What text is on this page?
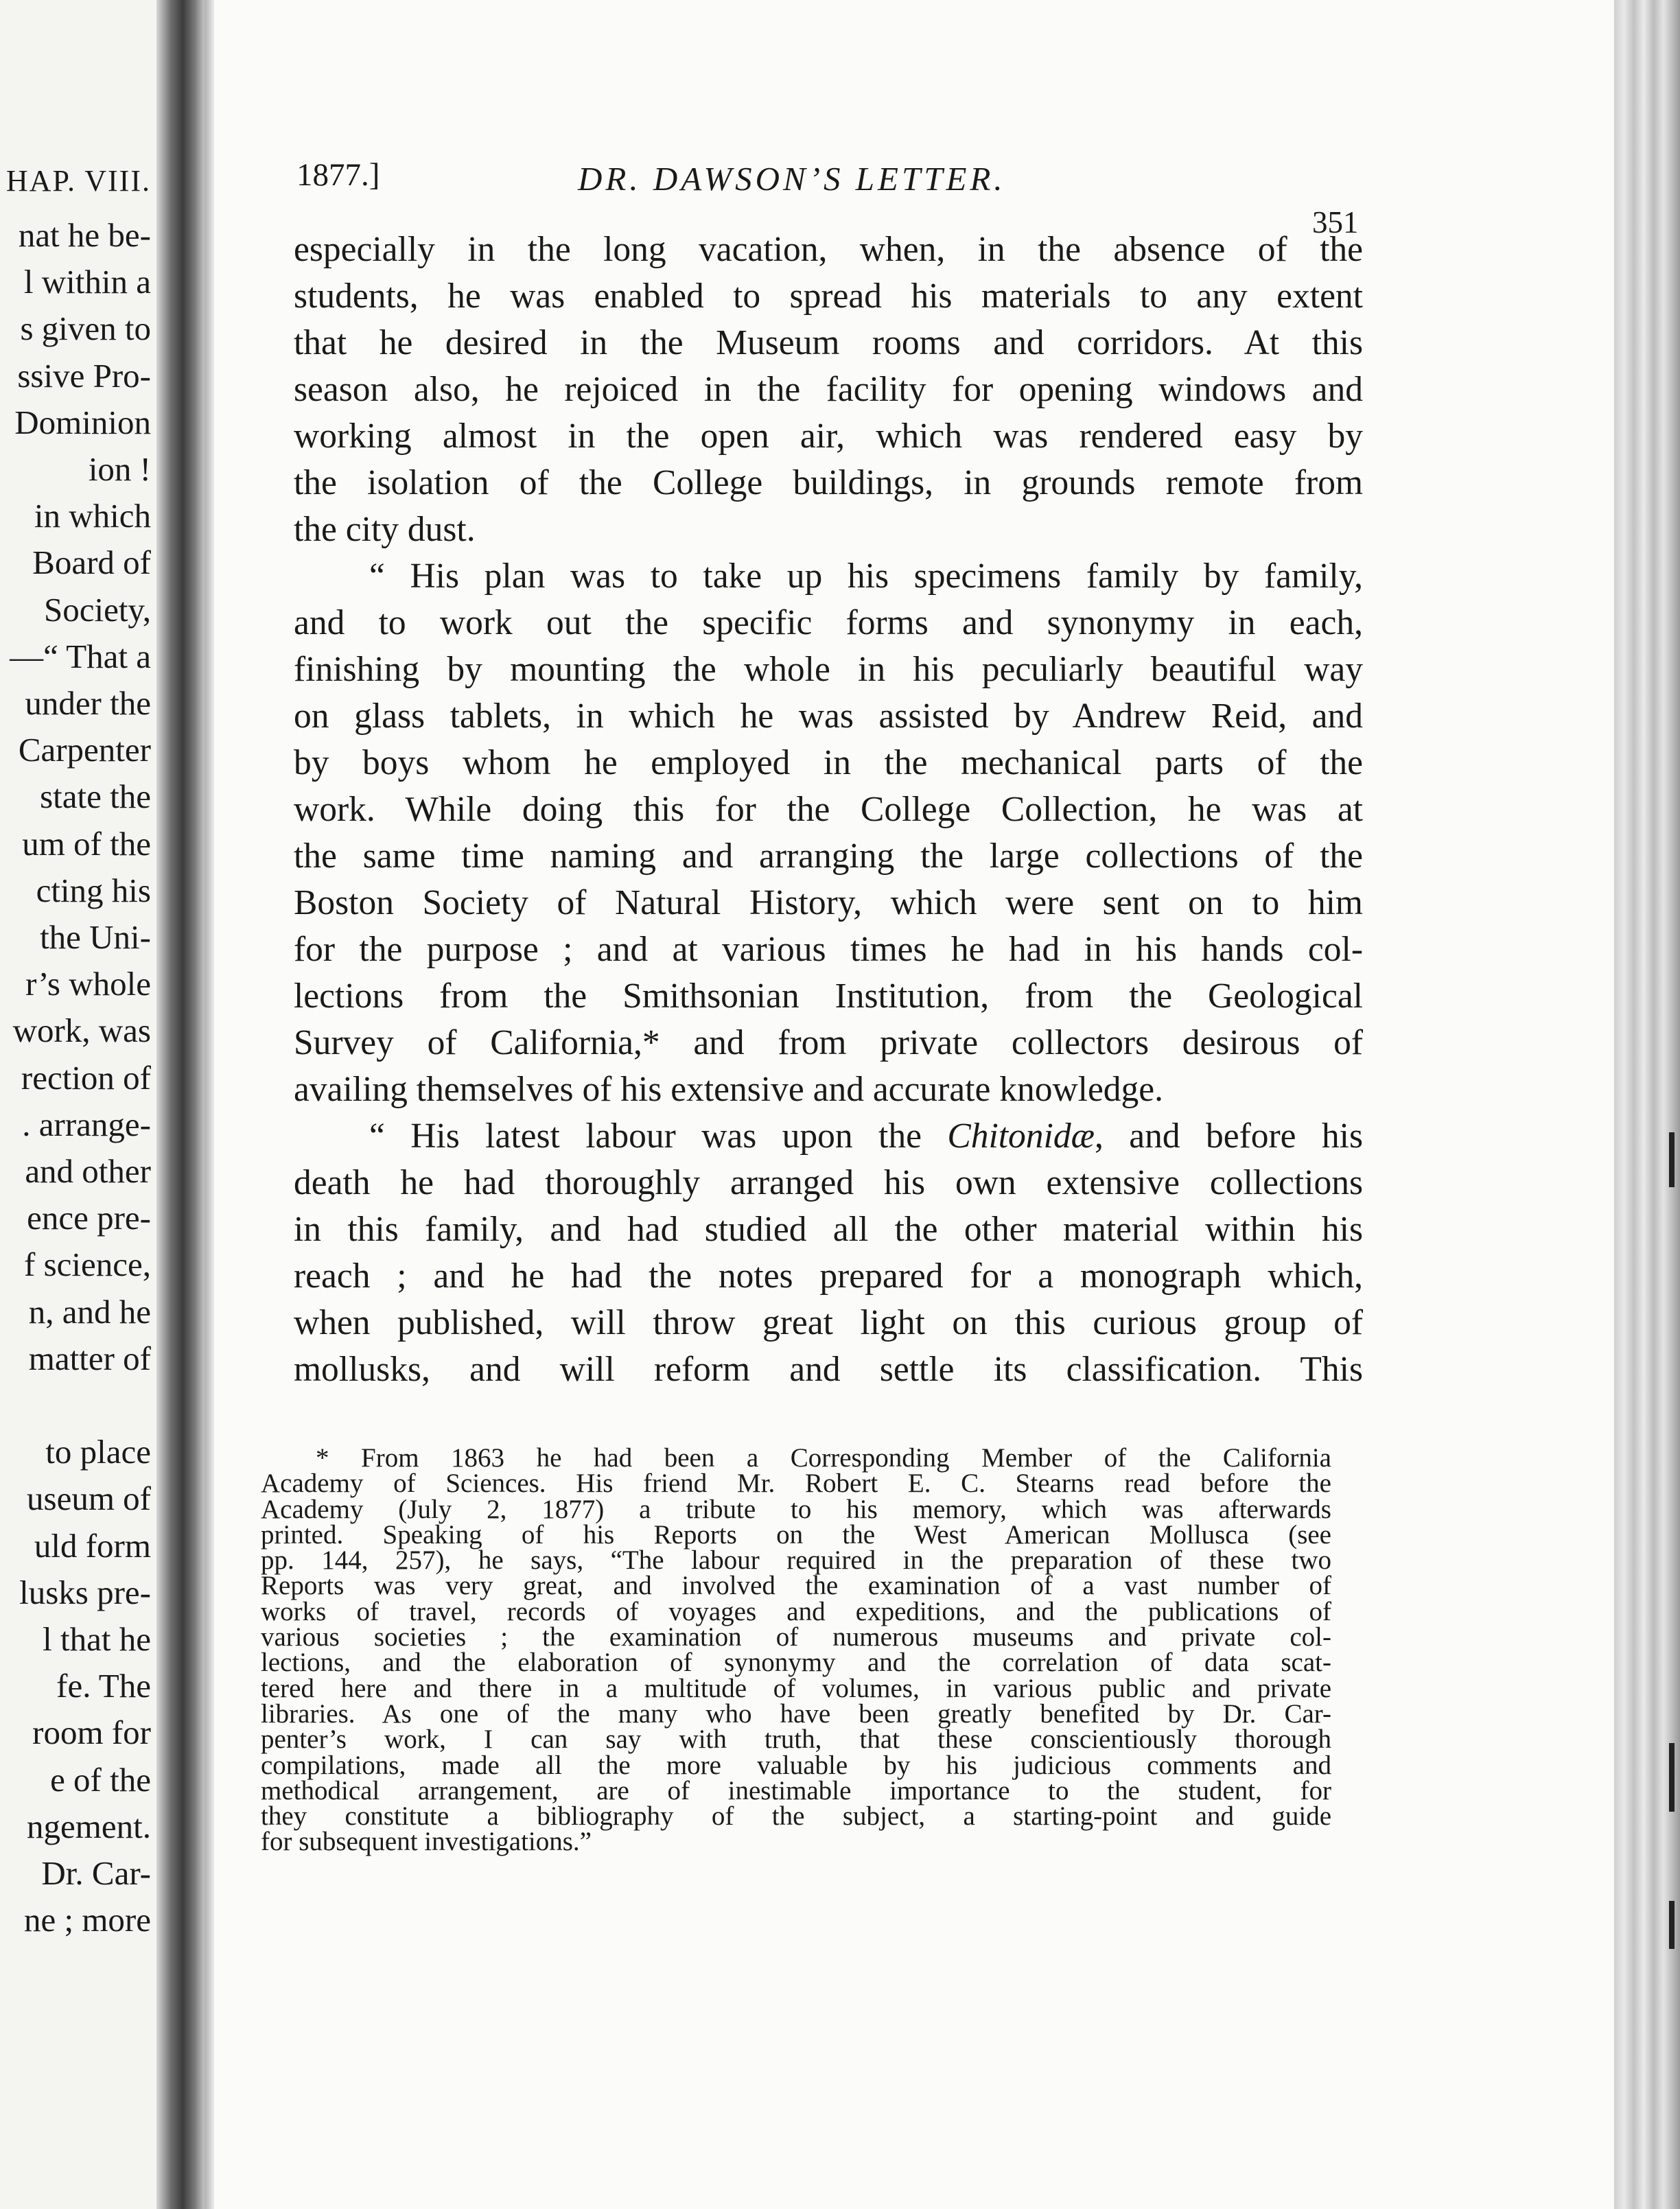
HAP. VIII.
nat he be-
l within a
s given to
ssive Pro-
Dominion
ion !
in which
Board of
Society,
—“ That a
under the
Carpenter
state the
um of the
cting his
the Uni-
r’s whole
work, was
rection of
. arrange-
and other
ence pre-
f science,
n, and he
matter of
to place
useum of
uld form
lusks pre-
l that he
fe. The
room for
e of the
ngement.
Dr. Car-
ne ; more
1877.]	DR. DAWSON’S LETTER.
351
especially in the long vacation, when, in the absence of the
students, he was enabled to spread his materials to any extent
that he desired in the Museum rooms and corridors. At this
season also, he rejoiced in the facility for opening windows and
working almost in the open air, which was rendered easy by
the isolation of the College buildings, in grounds remote from
the city dust.
“ His plan was to take up his specimens family by family,
and to work out the specific forms and synonymy in each,
finishing by mounting the whole in his peculiarly beautiful way
on glass tablets, in which he was assisted by Andrew Reid, and
by boys whom he employed in the mechanical parts of the
work. While doing this for the College Collection, he was at
the same time naming and arranging the large collections of the
Boston Society of Natural History, which were sent on to him
for the purpose ; and at various times he had in his hands col-
lections from the Smithsonian Institution, from the Geological
Survey of California,* and from private collectors desirous of
availing themselves of his extensive and accurate knowledge.
“ His latest labour was upon the Chitonidæ, and before his
death he had thoroughly arranged his own extensive collections
in this family, and had studied all the other material within his
reach ; and he had the notes prepared for a monograph which,
when published, will throw great light on this curious group of
mollusks, and will reform and settle its classification. This
* From 1863 he had been a Corresponding Member of the California
Academy of Sciences. His friend Mr. Robert E. C. Stearns read before the
Academy (July 2, 1877) a tribute to his memory, which was afterwards
printed. Speaking of his Reports on the West American Mollusca (see
pp. 144, 257), he says, “The labour required in the preparation of these two
Reports was very great, and involved the examination of a vast number of
works of travel, records of voyages and expeditions, and the publications of
various societies ; the examination of numerous museums and private col-
lections, and the elaboration of synonymy and the correlation of data scat-
tered here and there in a multitude of volumes, in various public and private
libraries. As one of the many who have been greatly benefited by Dr. Car-
penter’s work, I can say with truth, that these conscientiously thorough
compilations, made all the more valuable by his judicious comments and
methodical arrangement, are of inestimable importance to the student, for
they constitute a bibliography of the subject, a starting-point and guide
for subsequent investigations.”
